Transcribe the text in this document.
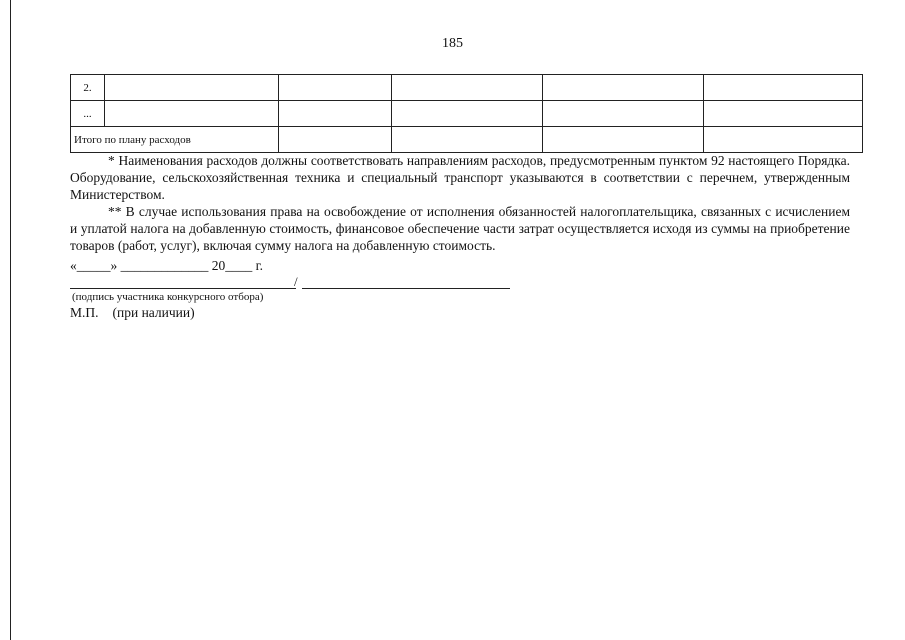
185
2.					
...					
Итого по плану расходов					

* Наименования расходов должны соответствовать направлениям расходов, предусмотренным пунктом 92 настоящего Порядка. Оборудование, сельскохозяйственная техника и специальный транспорт указываются в соответствии с перечнем, утвержденным Министерством.

** В случае использования права на освобождение от исполнения обязанностей налогоплательщика, связанных с исчислением и уплатой налога на добавленную стоимость, финансовое обеспечение части затрат осуществляется исходя из суммы на приобретение товаров (работ, услуг), включая сумму налога на добавленную стоимость.

«_____» _____________ 20____ г.
/
(подпись участника конкурсного отбора)
М.П. (при наличии)
